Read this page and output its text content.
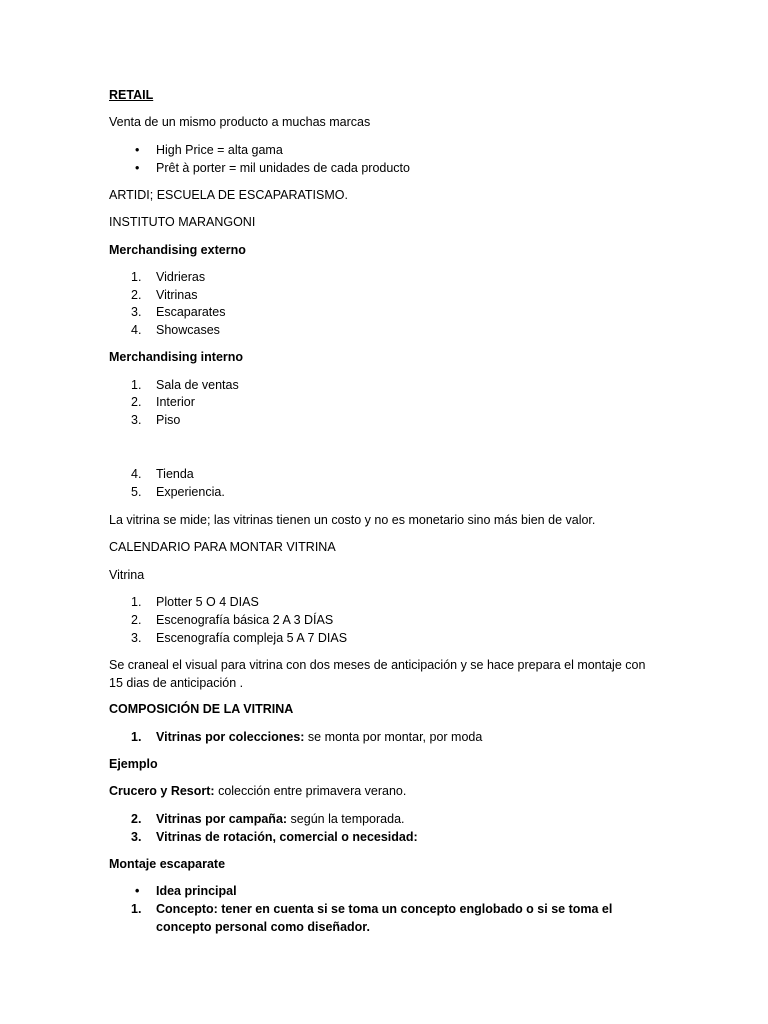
RETAIL
Venta de un mismo producto a muchas marcas
• High Price = alta gama
• Prêt à porter = mil unidades de cada producto
ARTIDI; ESCUELA DE ESCAPARATISMO.
INSTITUTO MARANGONI
Merchandising externo
1.	Vidrieras
2.	Vitrinas
3.	Escaparates
4.	Showcases
Merchandising interno
1.	Sala de ventas
2.	Interior
3.	Piso
4.	Tienda
5.	Experiencia.
La vitrina se mide; las vitrinas tienen un costo y no es monetario sino más bien de valor.
CALENDARIO PARA MONTAR VITRINA
Vitrina
1.	Plotter 5 O 4 DIAS
2.	Escenografía básica 2 A 3 DÍAS
3.	Escenografía compleja 5 A 7 DIAS
Se craneal el visual para vitrina con dos meses de anticipación y se hace prepara el montaje con 15 dias de anticipación .
COMPOSICIÓN DE LA VITRINA
1.	Vitrinas por colecciones: se monta por montar, por moda
Ejemplo
Crucero y Resort: colección entre primavera verano.
2.	Vitrinas por campaña: según la temporada.
3.	Vitrinas de rotación, comercial o necesidad:
Montaje escaparate
• Idea principal
1.	Concepto: tener en cuenta si se toma un concepto englobado o si se toma el concepto personal como diseñador.
